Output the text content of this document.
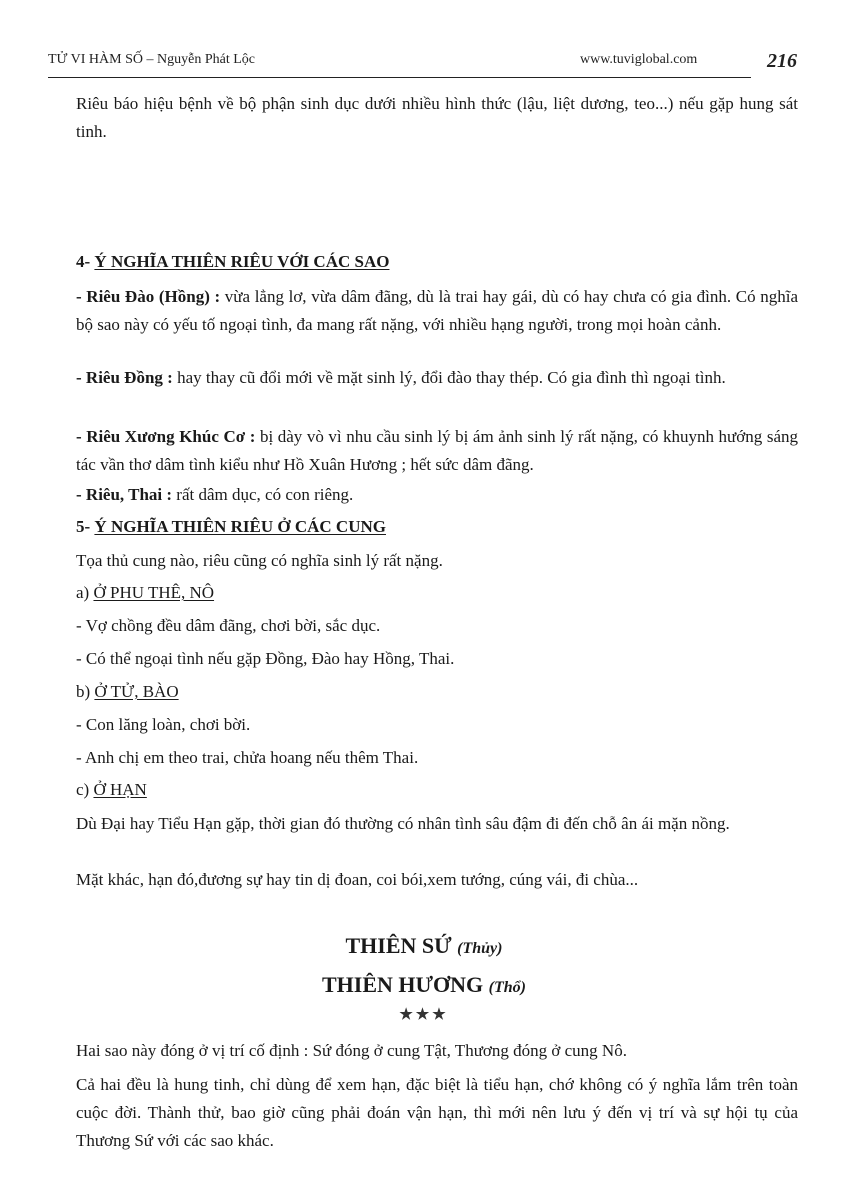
TỬ VI HÀM SỐ – Nguyễn Phát Lộc	www.tuviglobal.com	216

Riêu báo hiệu bệnh về bộ phận sinh dục dưới nhiều hình thức (lậu, liệt dương, teo...) nếu gặp hung sát tinh.

4- Ý NGHĨA THIÊN RIÊU VỚI CÁC SAO

- Riêu Đào (Hồng) : vừa lẳng lơ, vừa dâm đãng, dù là trai hay gái, dù có hay chưa có gia đình. Có nghĩa bộ sao này có yếu tố ngoại tình, đa mang rất nặng, với nhiều hạng người, trong mọi hoàn cảnh.

- Riêu Đồng : hay thay cũ đổi mới về mặt sinh lý, đổi đào thay thép. Có gia đình thì ngoại tình.

- Riêu Xương Khúc Cơ : bị dày vò vì nhu cầu sinh lý bị ám ảnh sinh lý rất nặng, có khuynh hướng sáng tác vần thơ dâm tình kiểu như Hồ Xuân Hương ; hết sức dâm đãng.

- Riêu, Thai : rất dâm dục, có con riêng.

5- Ý NGHĨA THIÊN RIÊU Ở CÁC CUNG

Tọa thủ cung nào, riêu cũng có nghĩa sinh lý rất nặng.

a) Ở PHU THÊ, NÔ

- Vợ chồng đều dâm đãng, chơi bời, sắc dục.

- Có thể ngoại tình nếu gặp Đồng, Đào hay Hồng, Thai.

b) Ở TỬ, BÀO

- Con lăng loàn, chơi bời.

- Anh chị em theo trai, chửa hoang nếu thêm Thai.

c) Ở HẠN

Dù Đại hay Tiểu Hạn gặp, thời gian đó thường có nhân tình sâu đậm đi đến chỗ ân ái mặn nồng.

Mặt khác, hạn đó,đương sự hay tin dị đoan, coi bói,xem tướng, cúng vái, đi chùa...

THIÊN SỨ (Thủy)
THIÊN HƯƠNG (Thổ)
★★★

Hai sao này đóng ở vị trí cố định : Sứ đóng ở cung Tật, Thương đóng ở cung Nô.

Cả hai đều là hung tinh, chỉ dùng để xem hạn, đặc biệt là tiểu hạn, chớ không có ý nghĩa lắm trên toàn cuộc đời. Thành thử, bao giờ cũng phải đoán vận hạn, thì mới nên lưu ý đến vị trí và sự hội tụ của Thương Sứ với các sao khác.
